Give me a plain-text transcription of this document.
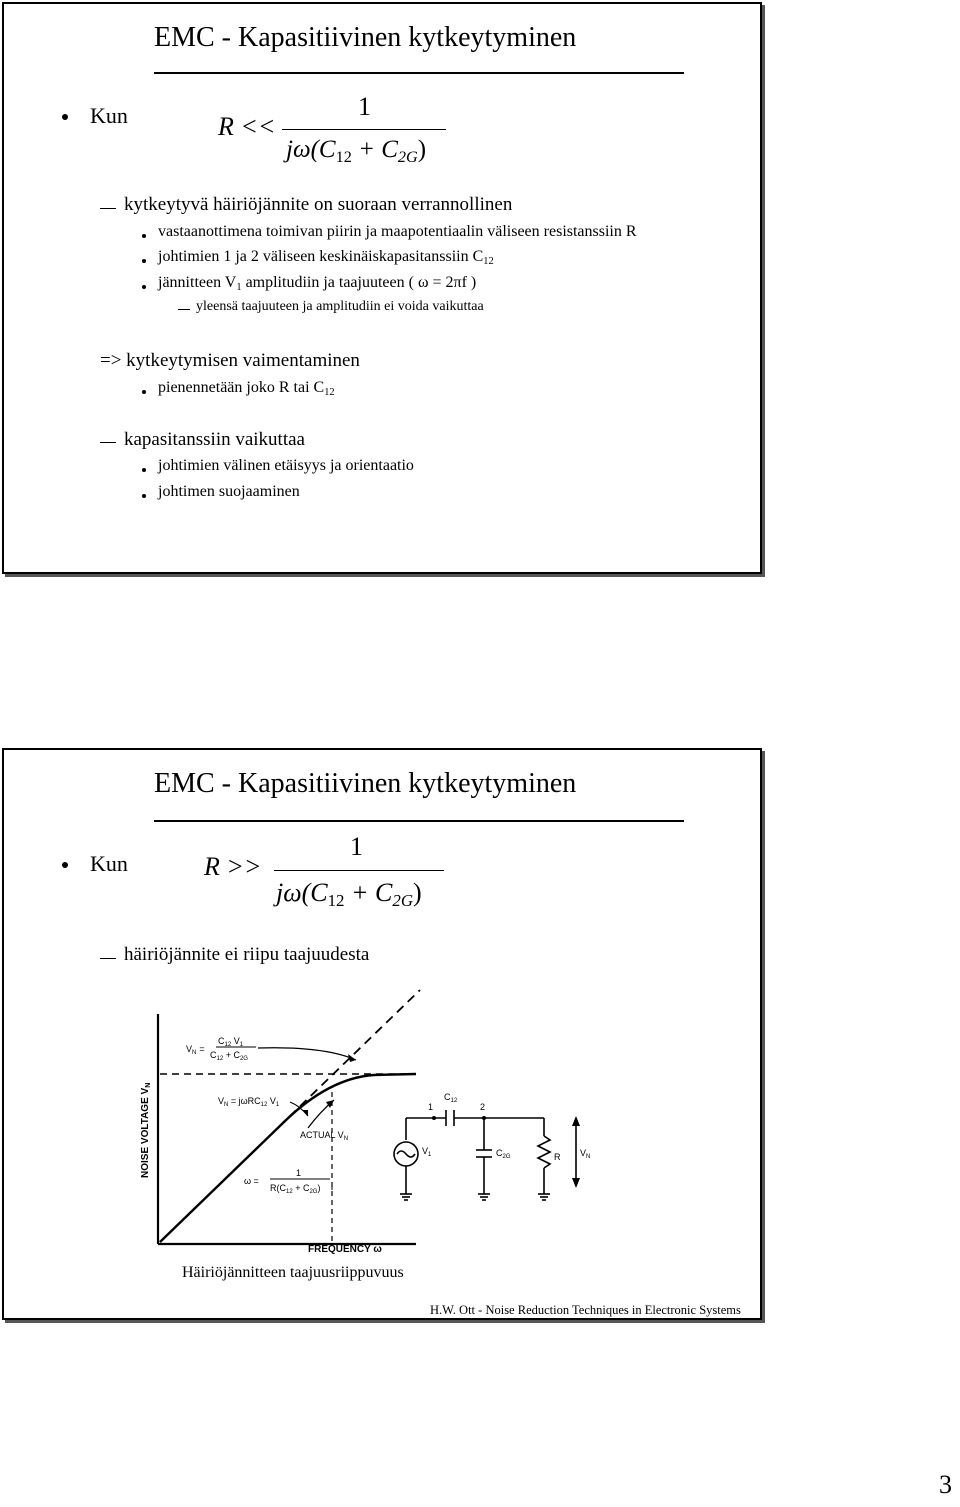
EMC - Kapasitiivinen kytkeytyminen
Kun	R <<
1
$j\omega(C_{12} + C_{2G})$
kytkeytyvä häiriöjännite on suoraan verrannollinen
vastaanottimena toimivan piirin ja maapotentiaalin väliseen resistanssiin R
johtimien 1 ja 2 väliseen keskinäiskapasitanssiin $C_{12}$
jännitteen $V_1$ amplitudiin ja taajuuteen ( ω = 2πf )
yleensä taajuuteen ja amplitudiin ei voida vaikuttaa
=> kytkeytymisen vaimentaminen
pienennetään joko R tai $C_{12}$
kapasitanssiin vaikuttaa
johtimien välinen etäisyys ja orientaatio
johtimen suojaaminen
EMC - Kapasitiivinen kytkeytyminen
Kun	R >>
1
$j\omega(C_{12} + C_{2G})$
häiriöjännite ei riipu taajuudesta
NOISE VOLTAGE $V_N$
FREQUENCY ω
$V_N$ =
$C_{12}$ $V_1$
$C_{12} + C_{2G}$
$V_N = j\omega RC_{12}$ $V_1$
ACTUAL $V_N$
ω =
1
$R(C_{12} + C_{2G})$
1	2
$C_{12}$
$V_1$	$C_{2G}$	R $V_N$
Häiriöjännitteen taajuusriippuvuus
H.W. Ott - Noise Reduction Techniques in Electronic Systems
3
